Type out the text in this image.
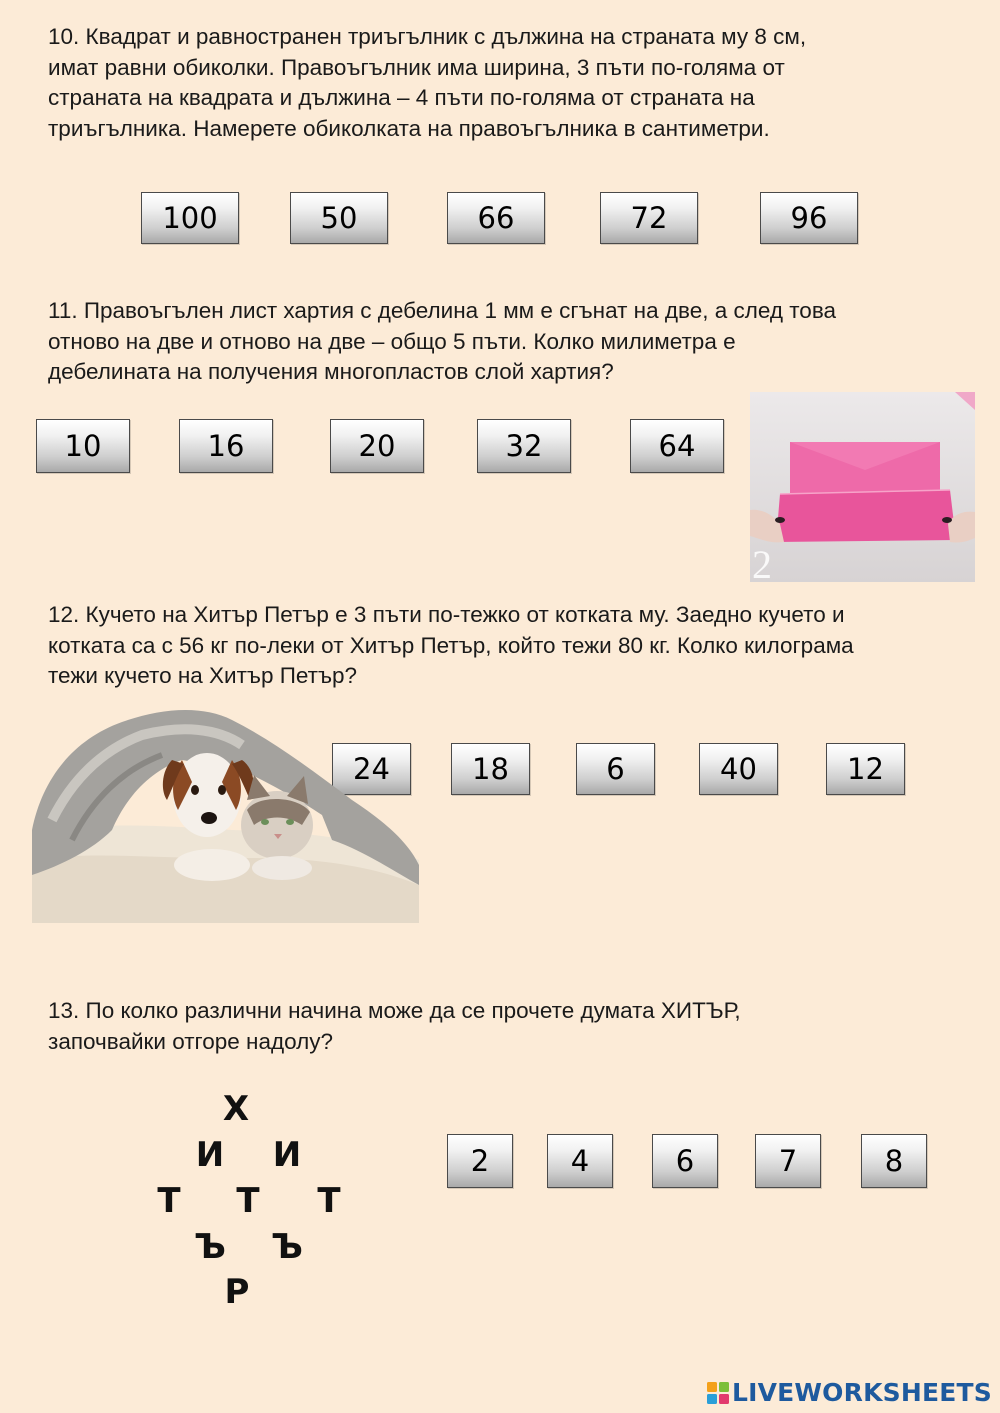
10. Квадрат и равностранен триъгълник с дължина на страната му 8 см,
имат равни обиколки. Правоъгълник има ширина, 3 пъти по-голяма от
страната на квадрата и дължина – 4 пъти по-голяма от страната на
триъгълника. Намерете обиколката на правоъгълника в сантиметри.

100	50	66	72	96

11. Правоъгълен лист хартия с дебелина 1 мм е сгънат на две, а след това
отново на две и отново на две – общо 5 пъти. Колко милиметра е
дебелината на получения многопластов слой хартия?

10	16	20	32	64
2

12. Кучето на Хитър Петър е 3 пъти по-тежко от котката му. Заедно кучето и
котката са с 56 кг по-леки от Хитър Петър, който тежи 80 кг. Колко килограма
тежи кучето на Хитър Петър?

24	18	6	40	12

13. По колко различни начина може да се прочете думата ХИТЪР,
започвайки отгоре надолу?

Х
И И
Т Т Т
Ъ Ъ
Р
2	4	6	7	8
LIVEWORKSHEETS
